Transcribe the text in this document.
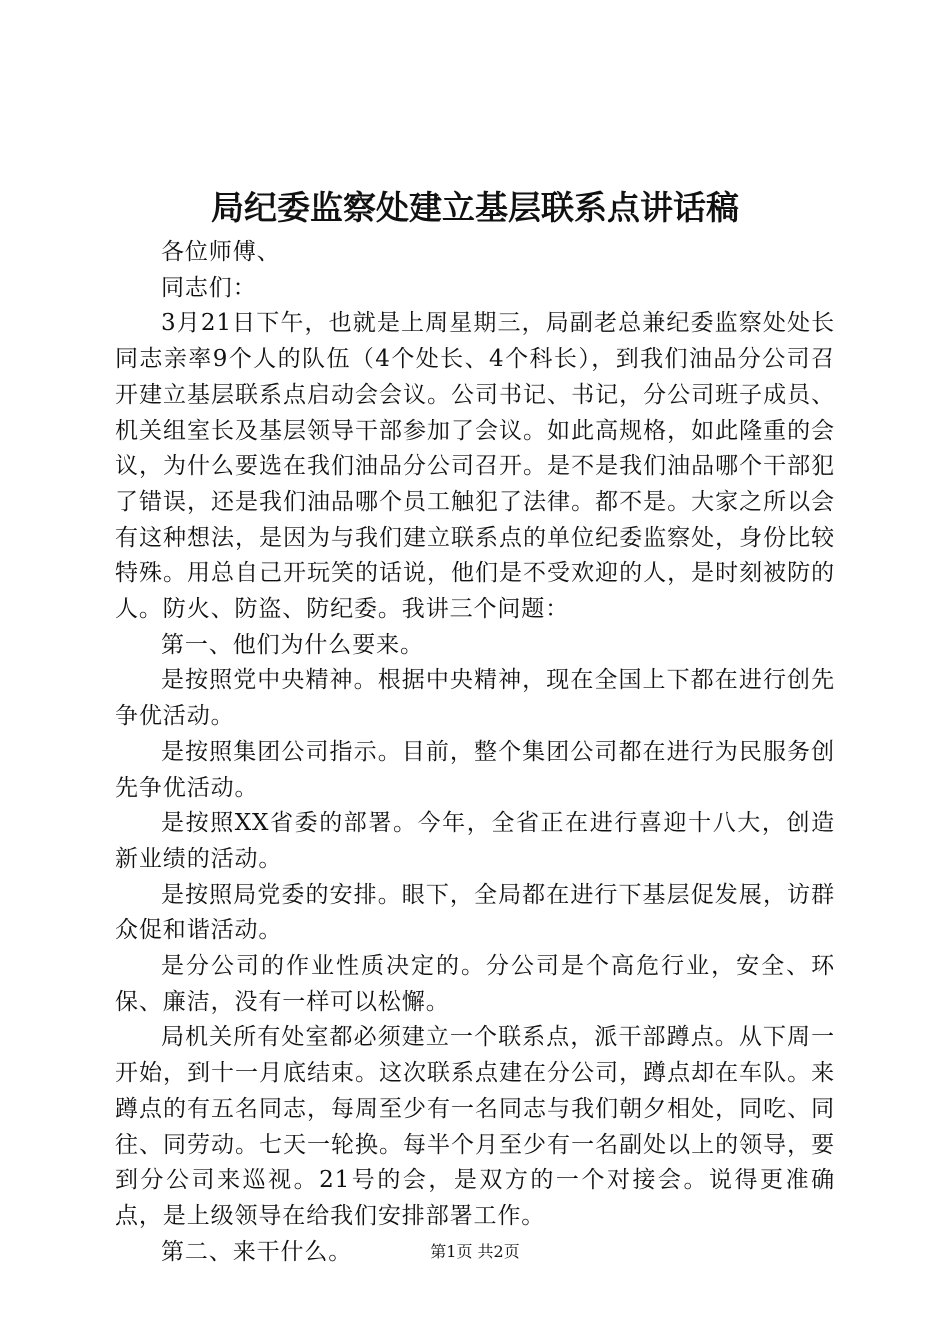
局纪委监察处建立基层联系点讲话稿

各位师傅、

同志们：

3月21日下午，也就是上周星期三，局副老总兼纪委监察处处长同志亲率9个人的队伍（4个处长、4个科长），到我们油品分公司召开建立基层联系点启动会会议。公司书记、书记，分公司班子成员、机关组室长及基层领导干部参加了会议。如此高规格，如此隆重的会议，为什么要选在我们油品分公司召开。是不是我们油品哪个干部犯了错误，还是我们油品哪个员工触犯了法律。都不是。大家之所以会有这种想法，是因为与我们建立联系点的单位纪委监察处，身份比较特殊。用总自己开玩笑的话说，他们是不受欢迎的人，是时刻被防的人。防火、防盗、防纪委。我讲三个问题：

第一、他们为什么要来。

是按照党中央精神。根据中央精神，现在全国上下都在进行创先争优活动。

是按照集团公司指示。目前，整个集团公司都在进行为民服务创先争优活动。

是按照XX省委的部署。今年，全省正在进行喜迎十八大，创造新业绩的活动。

是按照局党委的安排。眼下，全局都在进行下基层促发展，访群众促和谐活动。

是分公司的作业性质决定的。分公司是个高危行业，安全、环保、廉洁，没有一样可以松懈。

局机关所有处室都必须建立一个联系点，派干部蹲点。从下周一开始，到十一月底结束。这次联系点建在分公司，蹲点却在车队。来蹲点的有五名同志，每周至少有一名同志与我们朝夕相处，同吃、同往、同劳动。七天一轮换。每半个月至少有一名副处以上的领导，要到分公司来巡视。21号的会，是双方的一个对接会。说得更准确点，是上级领导在给我们安排部署工作。

第二、来干什么。	第1页 共2页
